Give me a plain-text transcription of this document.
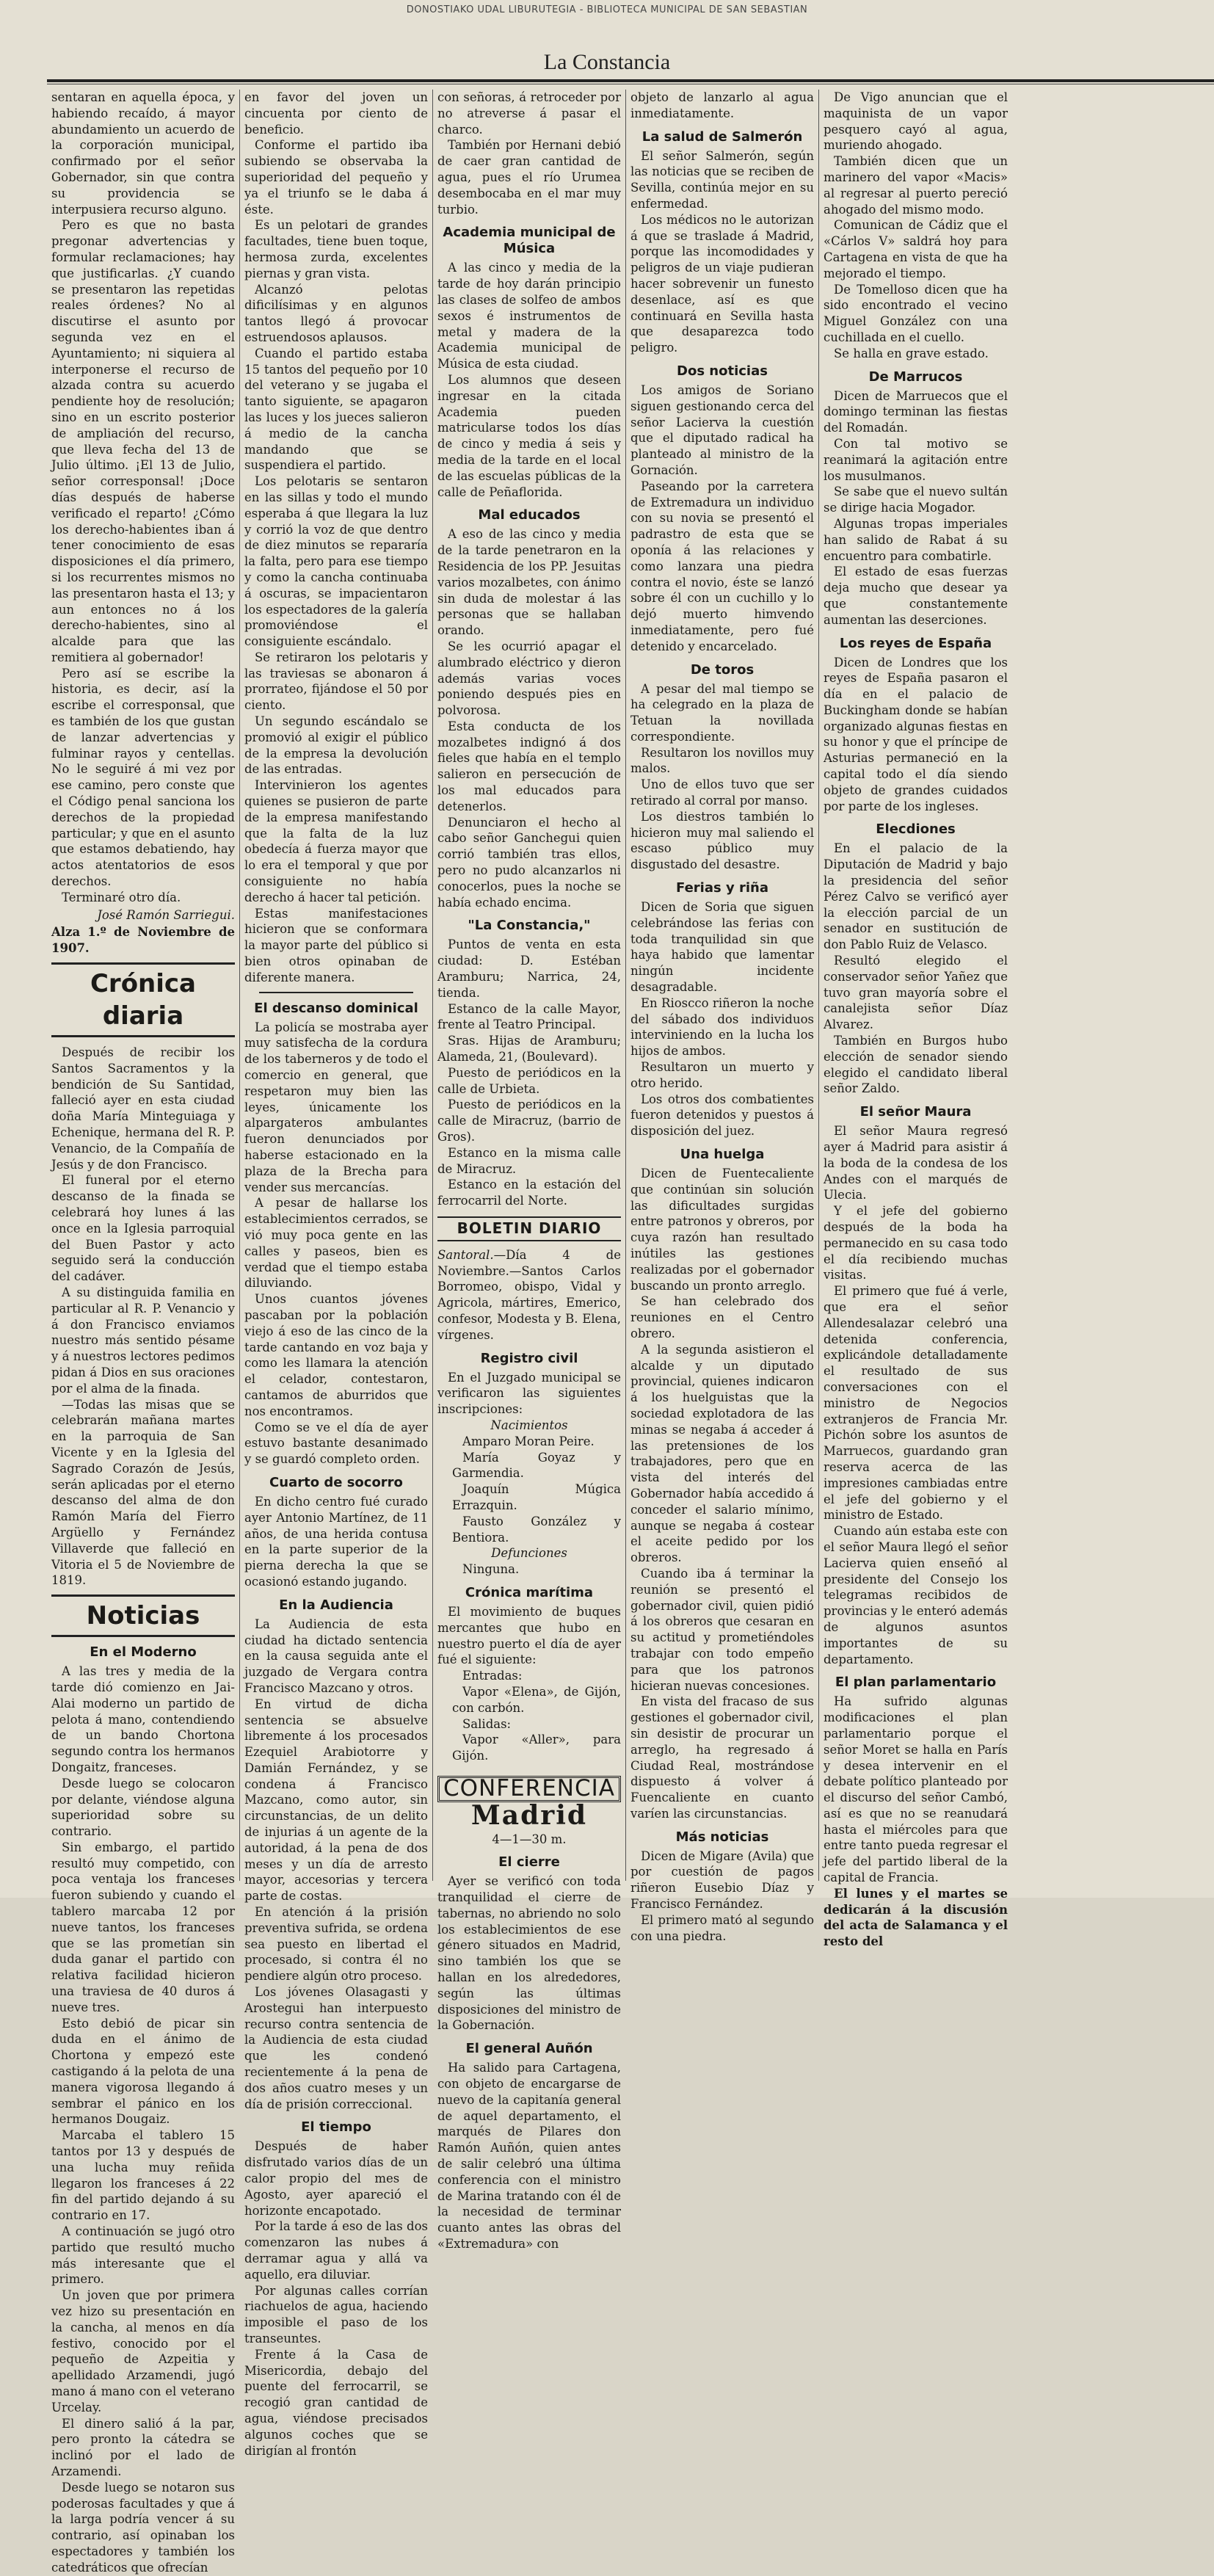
DONOSTIAKO UDAL LIBURUTEGIA - BIBLIOTECA MUNICIPAL DE SAN SEBASTIAN
La Constancia

sentaran en aquella época, y habiendo recaído, á mayor abundamiento un acuerdo de la corporación municipal, confirmado por el señor Gobernador, sin que contra su providencia se interpusiera recurso alguno.

Pero es que no basta pregonar advertencias y formular reclamaciones; hay que justificarlas. ¿Y cuando se presentaron las repetidas reales órdenes? No al discutirse el asunto por segunda vez en el Ayuntamiento; ni siquiera al interponerse el recurso de alzada contra su acuerdo pendiente hoy de resolución; sino en un escrito posterior de ampliación del recurso, que lleva fecha del 13 de Julio último. ¡El 13 de Julio, señor corresponsal! ¡Doce días después de haberse verificado el reparto! ¿Cómo los derecho-habientes iban á tener conocimiento de esas disposiciones el día primero, si los recurrentes mismos no las presentaron hasta el 13; y aun entonces no á los derecho-habientes, sino al alcalde para que las remitiera al gobernador!

Pero así se escribe la historia, es decir, así la escribe el corresponsal, que es también de los que gustan de lanzar advertencias y fulminar rayos y centellas. No le seguiré á mi vez por ese camino, pero conste que el Código penal sanciona los derechos de la propiedad particular; y que en el asunto que estamos debatiendo, hay actos atentatorios de esos derechos.

Terminaré otro día.

José Ramón Sarriegui.
Alza 1.º de Noviembre de 1907.
Crónica diaria

Después de recibir los Santos Sacramentos y la bendición de Su Santidad, falleció ayer en esta ciudad doña María Minteguiaga y Echenique, hermana del R. P. Venancio, de la Compañía de Jesús y de don Francisco.

El funeral por el eterno descanso de la finada se celebrará hoy lunes á las once en la Iglesia parroquial del Buen Pastor y acto seguido será la conducción del cadáver.

A su distinguida familia en particular al R. P. Venancio y á don Francisco enviamos nuestro más sentido pésame y á nuestros lectores pedimos pidan á Dios en sus oraciones por el alma de la finada.

—Todas las misas que se celebrarán mañana martes en la parroquia de San Vicente y en la Iglesia del Sagrado Corazón de Jesús, serán aplicadas por el eterno descanso del alma de don Ramón María del Fierro Argüello y Fernández Villaverde que falleció en Vitoria el 5 de Noviembre de 1819.

Noticias
En el Moderno

A las tres y media de la tarde dió comienzo en Jai-Alai moderno un partido de pelota á mano, contendiendo de un bando Chortona segundo contra los hermanos Dongaitz, franceses.

Desde luego se colocaron por delante, viéndose alguna superioridad sobre su contrario.

Sin embargo, el partido resultó muy competido, con poca ventaja los franceses fueron subiendo y cuando el tablero marcaba 12 por nueve tantos, los franceses que se las prometían sin duda ganar el partido con relativa facilidad hicieron una traviesa de 40 duros á nueve tres.

Esto debió de picar sin duda en el ánimo de Chortona y empezó este castigando á la pelota de una manera vigorosa llegando á sembrar el pánico en los hermanos Dougaiz.

Marcaba el tablero 15 tantos por 13 y después de una lucha muy reñida llegaron los franceses á 22 fin del partido dejando á su contrario en 17.

A continuación se jugó otro partido que resultó mucho más interesante que el primero.

Un joven que por primera vez hizo su presentación en la cancha, al menos en día festivo, conocido por el pequeño de Azpeitia y apellidado Arzamendi, jugó mano á mano con el veterano Urcelay.

El dinero salió á la par, pero pronto la cátedra se inclinó por el lado de Arzamendi.

Desde luego se notaron sus poderosas facultades y que á la larga podría vencer á su contrario, así opinaban los espectadores y también los catedráticos que ofrecían

en favor del joven un cincuenta por ciento de beneficio.

Conforme el partido iba subiendo se observaba la superioridad del pequeño y ya el triunfo se le daba á éste.

Es un pelotari de grandes facultades, tiene buen toque, hermosa zurda, excelentes piernas y gran vista.

Alcanzó pelotas dificilísimas y en algunos tantos llegó á provocar estruendosos aplausos.

Cuando el partido estaba 15 tantos del pequeño por 10 del veterano y se jugaba el tanto siguiente, se apagaron las luces y los jueces salieron á medio de la cancha mandando que se suspendiera el partido.

Los pelotaris se sentaron en las sillas y todo el mundo esperaba á que llegara la luz y corrió la voz de que dentro de diez minutos se repararía la falta, pero para ese tiempo y como la cancha continuaba á oscuras, se impacientaron los espectadores de la galería promoviéndose el consiguiente escándalo.

Se retiraron los pelotaris y las traviesas se abonaron á prorrateo, fijándose el 50 por ciento.

Un segundo escándalo se promovió al exigir el público de la empresa la devolución de las entradas.

Intervinieron los agentes quienes se pusieron de parte de la empresa manifestando que la falta de la luz obedecía á fuerza mayor que lo era el temporal y que por consiguiente no había derecho á hacer tal petición.

Estas manifestaciones hicieron que se conformara la mayor parte del público si bien otros opinaban de diferente manera.

El descanso dominical

La policía se mostraba ayer muy satisfecha de la cordura de los taberneros y de todo el comercio en general, que respetaron muy bien las leyes, únicamente los alpargateros ambulantes fueron denunciados por haberse estacionado en la plaza de la Brecha para vender sus mercancías.

A pesar de hallarse los establecimientos cerrados, se vió muy poca gente en las calles y paseos, bien es verdad que el tiempo estaba diluviando.

Unos cuantos jóvenes pascaban por la población viejo á eso de las cinco de la tarde cantando en voz baja y como les llamara la atención el celador, contestaron, cantamos de aburridos que nos encontramos.

Como se ve el día de ayer estuvo bastante desanimado y se guardó completo orden.

Cuarto de socorro

En dicho centro fué curado ayer Antonio Martínez, de 11 años, de una herida contusa en la parte superior de la pierna derecha la que se ocasionó estando jugando.

En la Audiencia

La Audiencia de esta ciudad ha dictado sentencia en la causa seguida ante el juzgado de Vergara contra Francisco Mazcano y otros.

En virtud de dicha sentencia se absuelve libremente á los procesados Ezequiel Arabiotorre y Damián Fernández, y se condena á Francisco Mazcano, como autor, sin circunstancias, de un delito de injurias á un agente de la autoridad, á la pena de dos meses y un día de arresto mayor, accesorias y tercera parte de costas.

En atención á la prisión preventiva sufrida, se ordena sea puesto en libertad el procesado, si contra él no pendiere algún otro proceso.

Los jóvenes Olasagasti y Arostegui han interpuesto recurso contra sentencia de la Audiencia de esta ciudad que les condenó recientemente á la pena de dos años cuatro meses y un día de prisión correccional.

El tiempo

Después de haber disfrutado varios días de un calor propio del mes de Agosto, ayer apareció el horizonte encapotado.

Por la tarde á eso de las dos comenzaron las nubes á derramar agua y allá va aquello, era diluviar.

Por algunas calles corrían riachuelos de agua, haciendo imposible el paso de los transeuntes.

Frente á la Casa de Misericordia, debajo del puente del ferrocarril, se recogió gran cantidad de agua, viéndose precisados algunos coches que se dirigían al frontón

con señoras, á retroceder por no atreverse á pasar el charco.

También por Hernani debió de caer gran cantidad de agua, pues el río Urumea desembocaba en el mar muy turbio.

Academia municipal de Música

A las cinco y media de la tarde de hoy darán principio las clases de solfeo de ambos sexos é instrumentos de metal y madera de la Academia municipal de Música de esta ciudad.

Los alumnos que deseen ingresar en la citada Academia pueden matricularse todos los días de cinco y media á seis y media de la tarde en el local de las escuelas públicas de la calle de Peñaflorida.

Mal educados

A eso de las cinco y media de la tarde penetraron en la Residencia de los PP. Jesuitas varios mozalbetes, con ánimo sin duda de molestar á las personas que se hallaban orando.

Se les ocurrió apagar el alumbrado eléctrico y dieron además varias voces poniendo después pies en polvorosa.

Esta conducta de los mozalbetes indignó á dos fieles que había en el templo salieron en persecución de los mal educados para detenerlos.

Denunciaron el hecho al cabo señor Ganchegui quien corrió también tras ellos, pero no pudo alcanzarlos ni conocerlos, pues la noche se había echado encima.

"La Constancia,"

Puntos de venta en esta ciudad: D. Estéban Aramburu; Narrica, 24, tienda.

Estanco de la calle Mayor, frente al Teatro Principal.

Sras. Hijas de Aramburu; Alameda, 21, (Boulevard).

Puesto de periódicos en la calle de Urbieta.

Puesto de periódicos en la calle de Miracruz, (barrio de Gros).

Estanco en la misma calle de Miracruz.

Estanco en la estación del ferrocarril del Norte.

BOLETIN DIARIO

Santoral.—Día 4 de Noviembre.—Santos Carlos Borromeo, obispo, Vidal y Agricola, mártires, Emerico, confesor, Modesta y B. Elena, vírgenes.

Registro civil

En el Juzgado municipal se verificaron las siguientes inscripciones:

Nacimientos

Amparo Moran Peire.

María Goyaz y Garmendia.

Joaquín Múgica Errazquin.

Fausto González y Bentiora.

Defunciones

Ninguna.

Crónica marítima

El movimiento de buques mercantes que hubo en nuestro puerto el día de ayer fué el siguiente:

Entradas:

Vapor «Elena», de Gijón, con carbón.

Salidas:

Vapor «Aller», para Gijón.

CONFERENCIA
Madrid

4—1—30 m.

El cierre

Ayer se verificó con toda tranquilidad el cierre de tabernas, no abriendo no solo los establecimientos de ese género situados en Madrid, sino también los que se hallan en los alrededores, según las últimas disposiciones del ministro de la Gobernación.

El general Auñón

Ha salido para Cartagena, con objeto de encargarse de nuevo de la capitanía general de aquel departamento, el marqués de Pilares don Ramón Auñón, quien antes de salir celebró una última conferencia con el ministro de Marina tratando con él de la necesidad de terminar cuanto antes las obras del «Extremadura» con

objeto de lanzarlo al agua inmediatamente.

La salud de Salmerón

El señor Salmerón, según las noticias que se reciben de Sevilla, continúa mejor en su enfermedad.

Los médicos no le autorizan á que se traslade á Madrid, porque las incomodidades y peligros de un viaje pudieran hacer sobrevenir un funesto desenlace, así es que continuará en Sevilla hasta que desaparezca todo peligro.

Dos noticias

Los amigos de Soriano siguen gestionando cerca del señor Lacierva la cuestión que el diputado radical ha planteado al ministro de la Gornación.

Paseando por la carretera de Extremadura un individuo con su novia se presentó el padrastro de esta que se oponía á las relaciones y como lanzara una piedra contra el novio, éste se lanzó sobre él con un cuchillo y lo dejó muerto himvendo inmediatamente, pero fué detenido y encarcelado.

De toros

A pesar del mal tiempo se ha celegrado en la plaza de Tetuan la novillada correspondiente.

Resultaron los novillos muy malos.

Uno de ellos tuvo que ser retirado al corral por manso.

Los diestros también lo hicieron muy mal saliendo el escaso público muy disgustado del desastre.

Ferias y riña

Dicen de Soria que siguen celebrándose las ferias con toda tranquilidad sin que haya habido que lamentar ningún incidente desagradable.

En Rioscco riñeron la noche del sábado dos individuos interviniendo en la lucha los hijos de ambos.

Resultaron un muerto y otro herido.

Los otros dos combatientes fueron detenidos y puestos á disposición del juez.

Una huelga

Dicen de Fuentecaliente que continúan sin solución las dificultades surgidas entre patronos y obreros, por cuya razón han resultado inútiles las gestiones realizadas por el gobernador buscando un pronto arreglo.

Se han celebrado dos reuniones en el Centro obrero.

A la segunda asistieron el alcalde y un diputado provincial, quienes indicaron á los huelguistas que la sociedad explotadora de las minas se negaba á acceder á las pretensiones de los trabajadores, pero que en vista del interés del Gobernador había accedido á conceder el salario mínimo, aunque se negaba á costear el aceite pedido por los obreros.

Cuando iba á terminar la reunión se presentó el gobernador civil, quien pidió á los obreros que cesaran en su actitud y prometiéndoles trabajar con todo empeño para que los patronos hicieran nuevas concesiones.

En vista del fracaso de sus gestiones el gobernador civil, sin desistir de procurar un arreglo, ha regresado á Ciudad Real, mostrándose dispuesto á volver á Fuencaliente en cuanto varíen las circunstancias.

Más noticias

Dicen de Migare (Avila) que por cuestión de pagos riñeron Eusebio Díaz y Francisco Fernández.

El primero mató al segundo con una piedra.

De Vigo anuncian que el maquinista de un vapor pesquero cayó al agua, muriendo ahogado.

También dicen que un marinero del vapor «Macis» al regresar al puerto pereció ahogado del mismo modo.

Comunican de Cádiz que el «Cárlos V» saldrá hoy para Cartagena en vista de que ha mejorado el tiempo.

De Tomelloso dicen que ha sido encontrado el vecino Miguel González con una cuchillada en el cuello.

Se halla en grave estado.

De Marrucos

Dicen de Marruecos que el domingo terminan las fiestas del Romadán.

Con tal motivo se reanimará la agitación entre los musulmanos.

Se sabe que el nuevo sultán se dirige hacia Mogador.

Algunas tropas imperiales han salido de Rabat á su encuentro para combatirle.

El estado de esas fuerzas deja mucho que desear ya que constantemente aumentan las deserciones.

Los reyes de España

Dicen de Londres que los reyes de España pasaron el día en el palacio de Buckingham donde se habían organizado algunas fiestas en su honor y que el príncipe de Asturias permaneció en la capital todo el día siendo objeto de grandes cuidados por parte de los ingleses.

Elecdiones

En el palacio de la Diputación de Madrid y bajo la presidencia del señor Pérez Calvo se verificó ayer la elección parcial de un senador en sustitución de don Pablo Ruiz de Velasco.

Resultó elegido el conservador señor Yañez que tuvo gran mayoría sobre el canalejista señor Díaz Alvarez.

También en Burgos hubo elección de senador siendo elegido el candidato liberal señor Zaldo.

El señor Maura

El señor Maura regresó ayer á Madrid para asistir á la boda de la condesa de los Andes con el marqués de Ulecia.

Y el jefe del gobierno después de la boda ha permanecido en su casa todo el día recibiendo muchas visitas.

El primero que fué á verle, que era el señor Allendesalazar celebró una detenida conferencia, explicándole detalladamente el resultado de sus conversaciones con el ministro de Negocios extranjeros de Francia Mr. Pichón sobre los asuntos de Marruecos, guardando gran reserva acerca de las impresiones cambiadas entre el jefe del gobierno y el ministro de Estado.

Cuando aún estaba este con el señor Maura llegó el señor Lacierva quien enseñó al presidente del Consejo los telegramas recibidos de provincias y le enteró además de algunos asuntos importantes de su departamento.

El plan parlamentario

Ha sufrido algunas modificaciones el plan parlamentario porque el señor Moret se halla en París y desea intervenir en el debate político planteado por el discurso del señor Cambó, así es que no se reanudará hasta el miércoles para que entre tanto pueda regresar el jefe del partido liberal de la capital de Francia.

El lunes y el martes se dedicarán á la discusión del acta de Salamanca y el resto del
